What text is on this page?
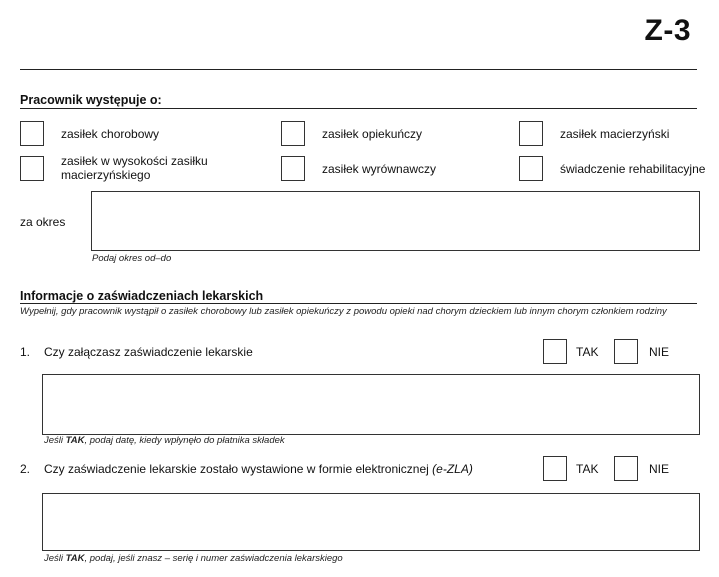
Z-3
Pracownik występuje o:
zasiłek chorobowy	zasiłek opiekuńczy	zasiłek macierzyński
zasiłek w wysokości zasiłku macierzyńskiego	zasiłek wyrównawczy	świadczenie rehabilitacyjne
za okres
Podaj okres od–do
Informacje o zaświadczeniach lekarskich
Wypełnij, gdy pracownik wystąpił o zasiłek chorobowy lub zasiłek opiekuńczy z powodu opieki nad chorym dzieckiem lub innym chorym członkiem rodziny
1. Czy załączasz zaświadczenie lekarskie	TAK	NIE
Jeśli TAK, podaj datę, kiedy wpłynęło do płatnika składek
2. Czy zaświadczenie lekarskie zostało wystawione w formie elektronicznej (e-ZLA)	TAK	NIE
Jeśli TAK, podaj, jeśli znasz – serię i numer zaświadczenia lekarskiego
